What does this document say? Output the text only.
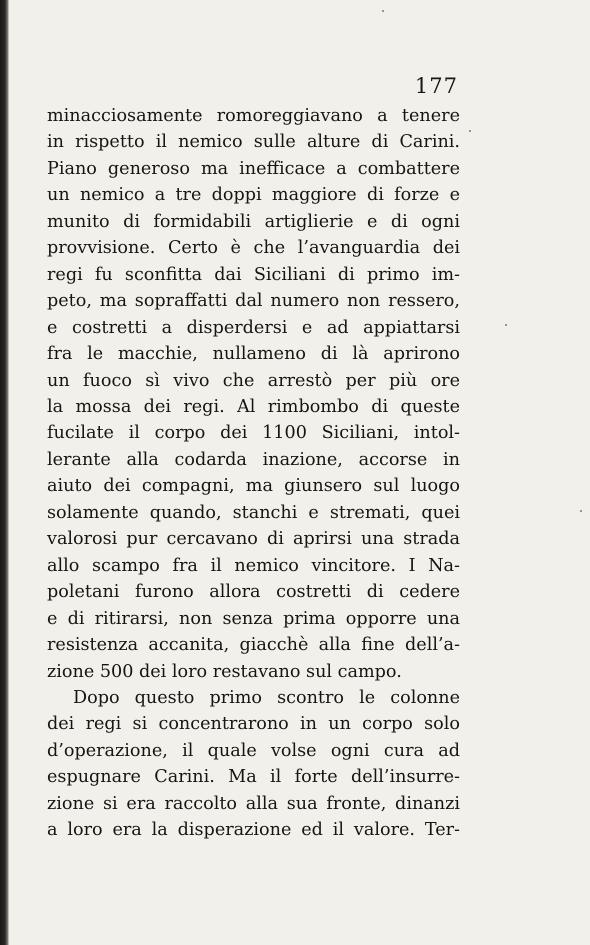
177
minacciosamente romoreggiavano a tenere
in rispetto il nemico sulle alture di Carini.
Piano generoso ma inefficace a combattere
un nemico a tre doppi maggiore di forze e
munito di formidabili artiglierie e di ogni
provvisione. Certo è che l’avanguardia dei
regi fu sconfitta dai Siciliani di primo im-
peto, ma sopraffatti dal numero non ressero,
e costretti a disperdersi e ad appiattarsi
fra le macchie, nullameno di là aprirono
un fuoco sì vivo che arrestò per più ore
la mossa dei regi. Al rimbombo di queste
fucilate il corpo dei 1100 Siciliani, intol-
lerante alla codarda inazione, accorse in
aiuto dei compagni, ma giunsero sul luogo
solamente quando, stanchi e stremati, quei
valorosi pur cercavano di aprirsi una strada
allo scampo fra il nemico vincitore. I Na-
poletani furono allora costretti di cedere
e di ritirarsi, non senza prima opporre una
resistenza accanita, giacchè alla fine dell’a-
zione 500 dei loro restavano sul campo.
Dopo questo primo scontro le colonne
dei regi si concentrarono in un corpo solo
d’operazione, il quale volse ogni cura ad
espugnare Carini. Ma il forte dell’insurre-
zione si era raccolto alla sua fronte, dinanzi
a loro era la disperazione ed il valore. Ter-
